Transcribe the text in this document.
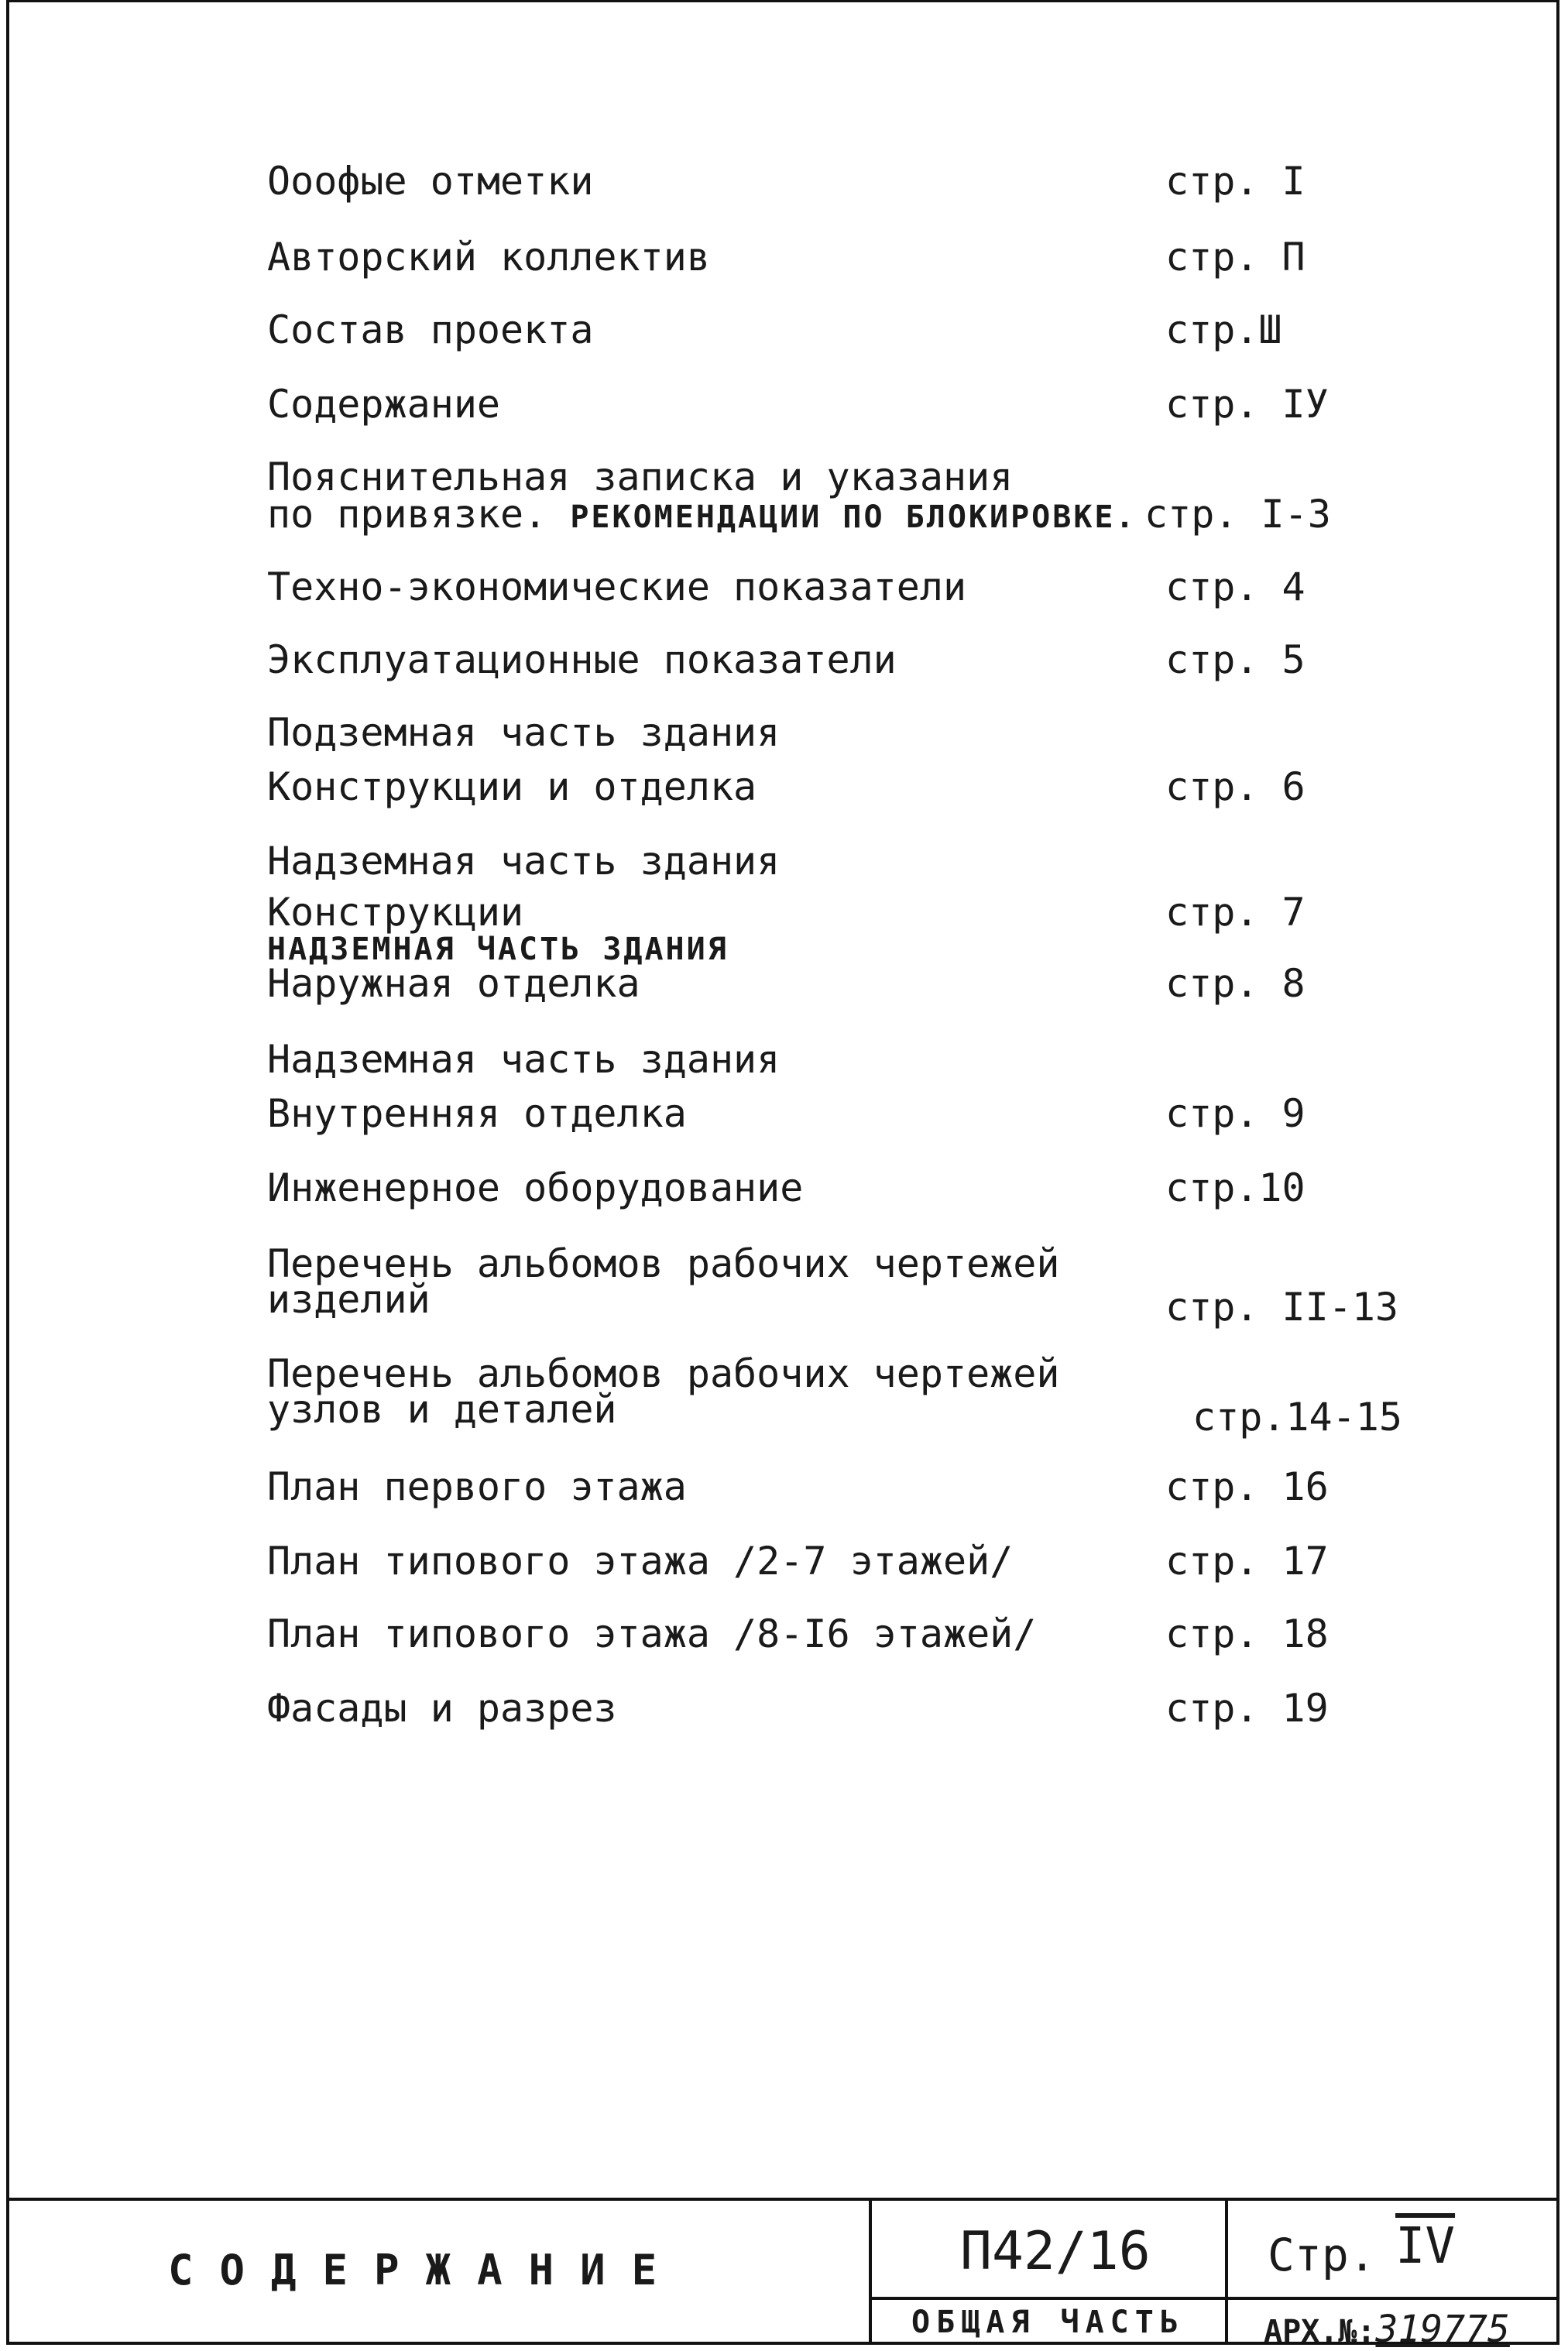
Ооофые отметки	стр. I
Авторский коллектив	стр. П
Состав проекта	стр.Ш
Содержание	стр. IУ
Пояснительная записка и указания
по привязке. РЕКОМЕНДАЦИИ ПО БЛОКИРОВКЕ. стр. I-3
Техно-экономические показатели	стр. 4
Эксплуатационные показатели	стр. 5
Подземная часть здания
Конструкции и отделка	стр. 6
Надземная часть здания
Конструкции	стр. 7
НАДЗЕМНАЯ ЧАСТЬ ЗДАНИЯ
Наружная отделка	стр. 8
Надземная часть здания
Внутренняя отделка	стр. 9
Инженерное оборудование	стр.10
Перечень альбомов рабочих чертежей
изделий	стр. II-13
Перечень альбомов рабочих чертежей
узлов и деталей	стр.14-15
План первого этажа	стр. 16
План типового этажа /2-7 этажей/	стр. 17
План типового этажа /8-I6 этажей/	стр. 18
Фасады и разрез	стр. 19
СОДЕРЖАНИЕ	П42/16
ОБЩАЯ ЧАСТЬ
Стр. $\overline{IV}$
АРХ.№:319775
